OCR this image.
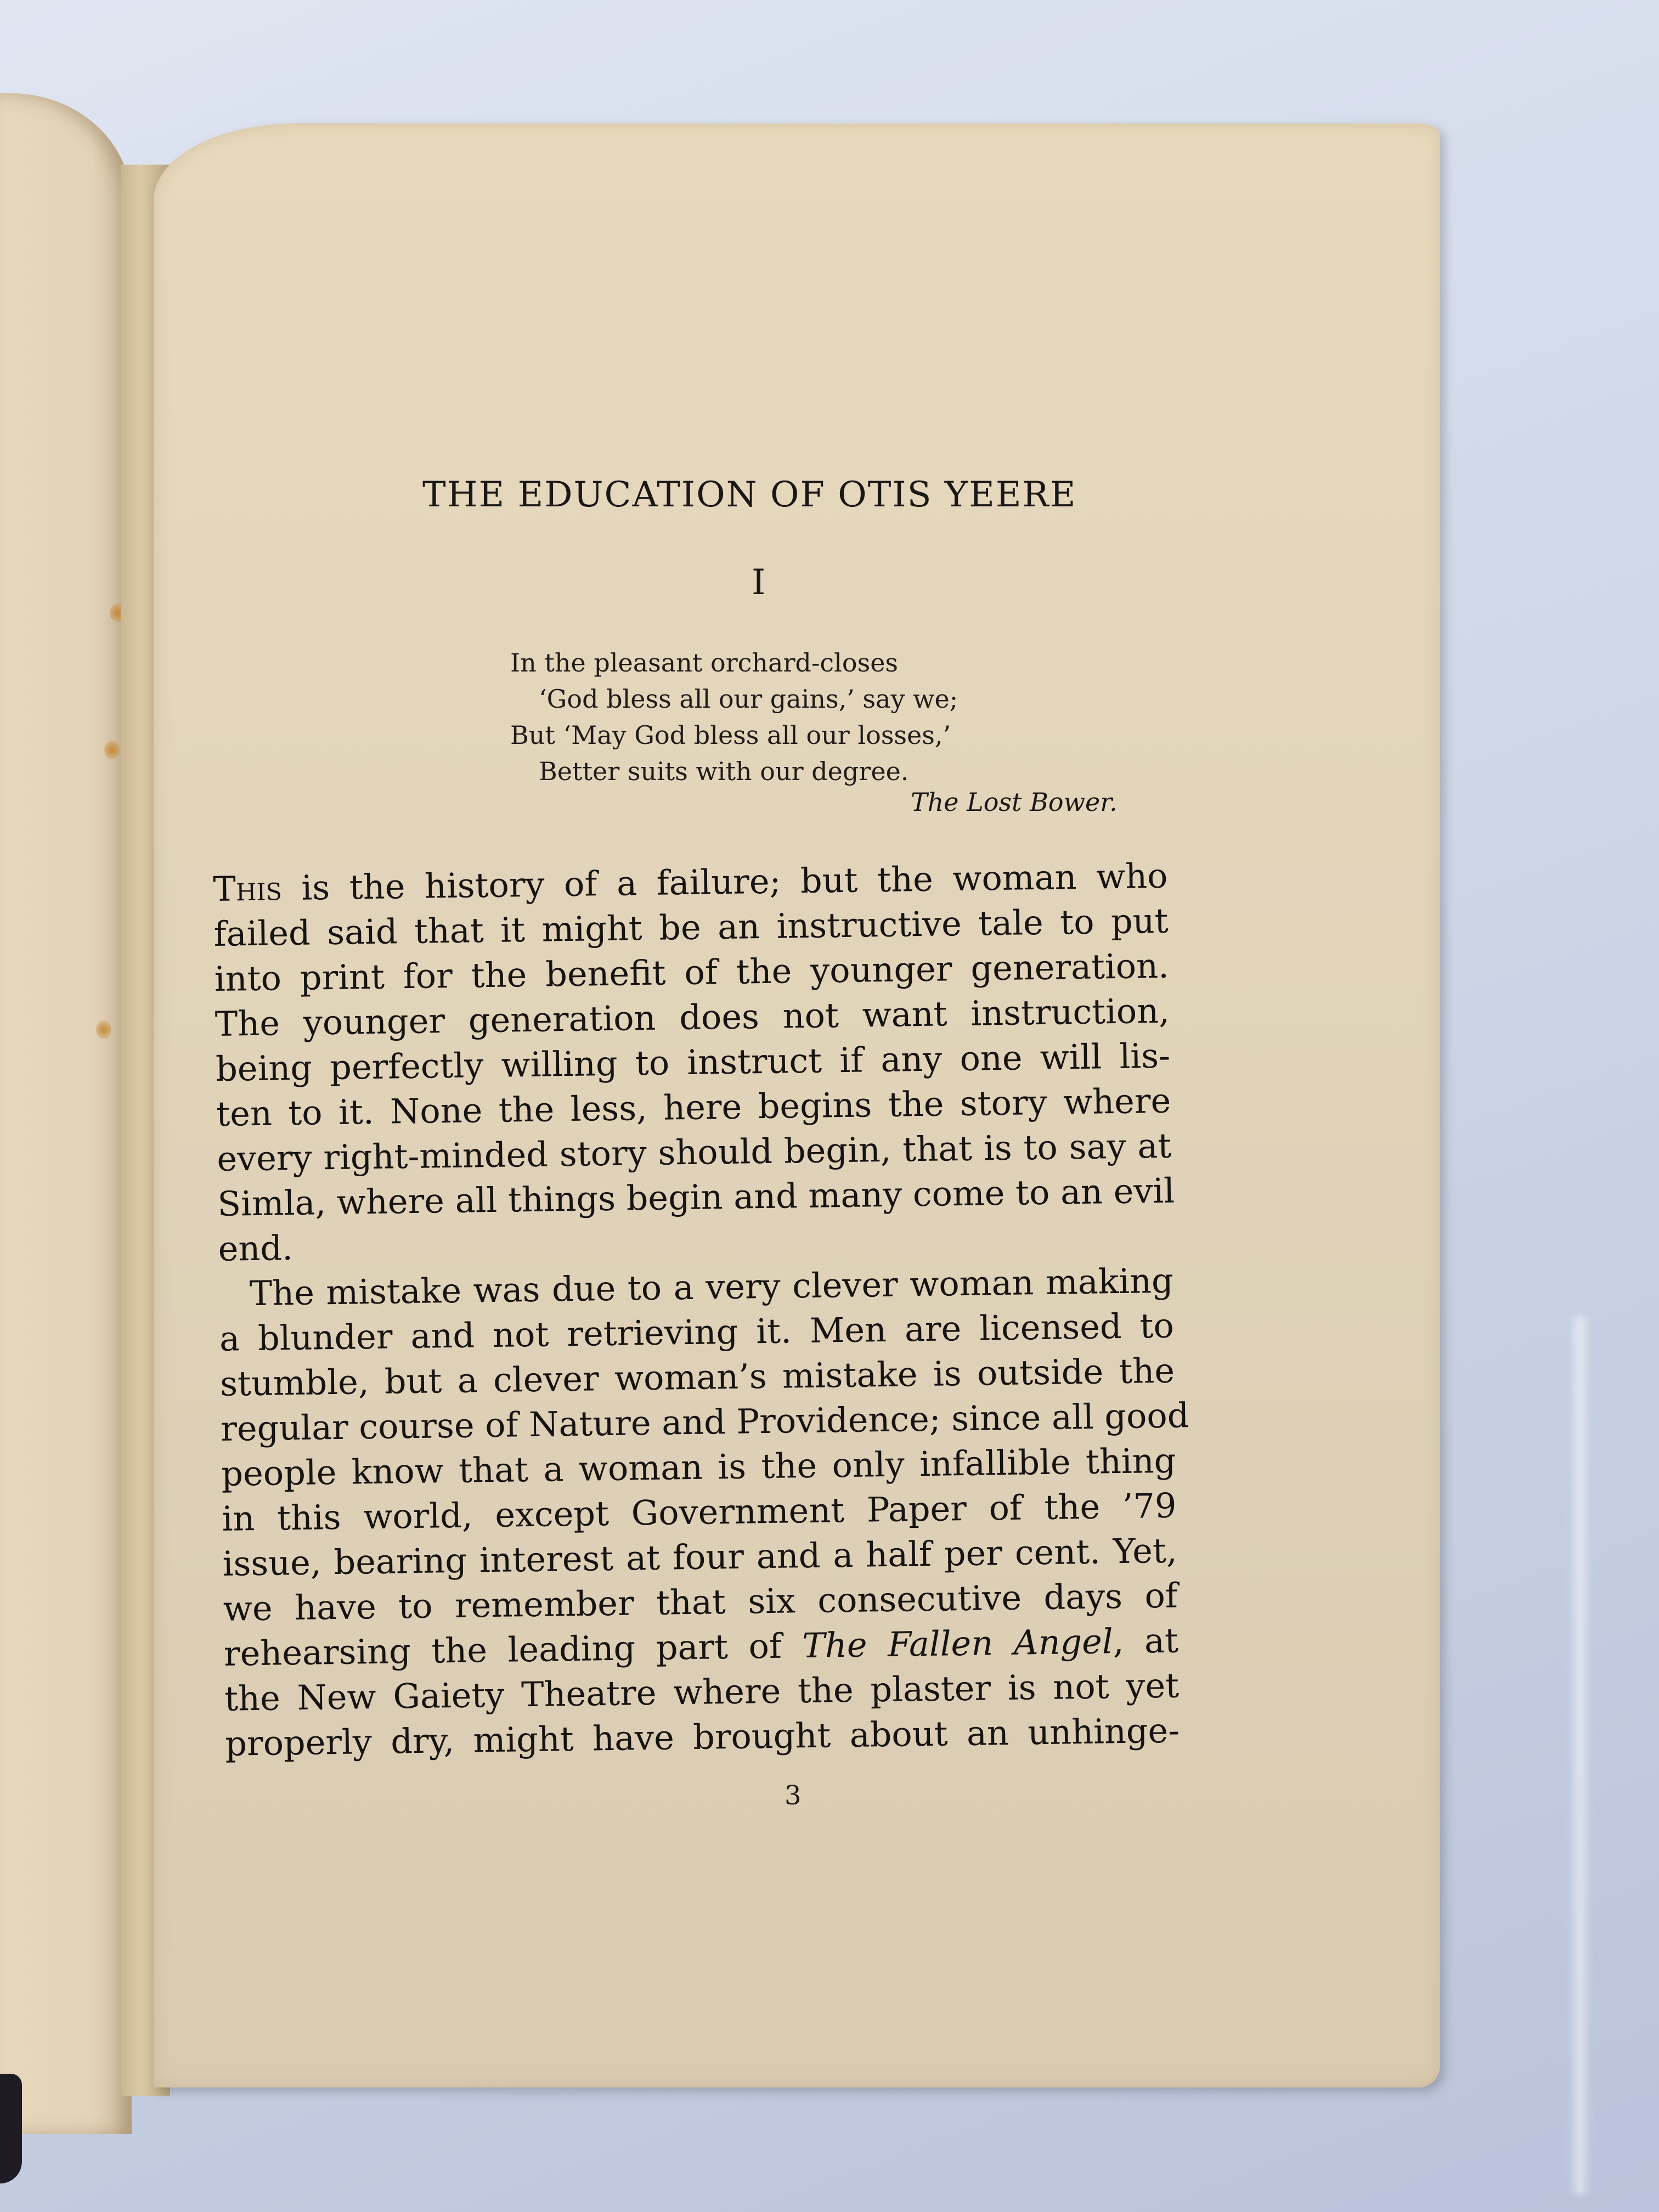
THE EDUCATION OF OTIS YEERE
I
In the pleasant orchard-closes
‘God bless all our gains,’ say we;
But ‘May God bless all our losses,’
Better suits with our degree.
The Lost Bower.

This is the history of a failure; but the woman who
failed said that it might be an instructive tale to put
into print for the benefit of the younger generation.
The younger generation does not want instruction,
being perfectly willing to instruct if any one will lis-
ten to it. None the less, here begins the story where
every right-minded story should begin, that is to say at
Simla, where all things begin and many come to an evil
end.

The mistake was due to a very clever woman making
a blunder and not retrieving it. Men are licensed to
stumble, but a clever woman’s mistake is outside the
regular course of Nature and Providence; since all good
people know that a woman is the only infallible thing
in this world, except Government Paper of the ’79
issue, bearing interest at four and a half per cent. Yet,
we have to remember that six consecutive days of
rehearsing the leading part of The Fallen Angel, at
the New Gaiety Theatre where the plaster is not yet
properly dry, might have brought about an unhinge-

3
